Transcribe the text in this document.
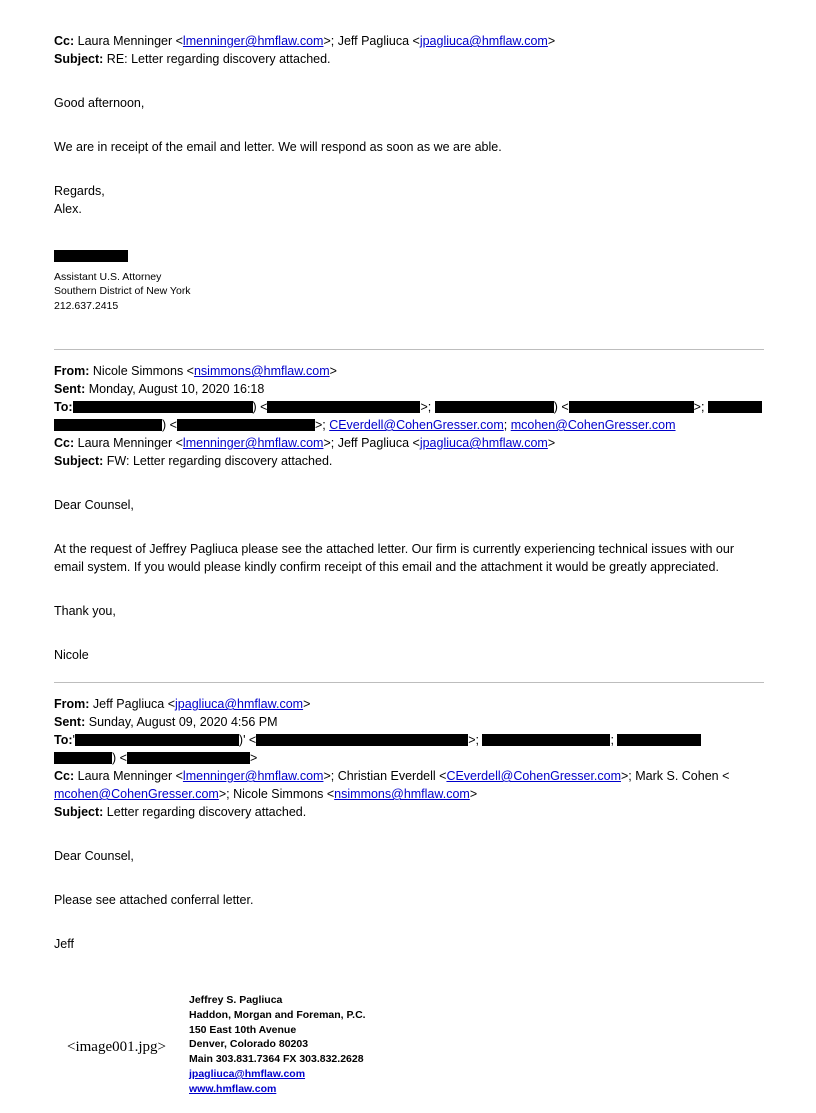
Cc: Laura Menninger <lmenninger@hmflaw.com>; Jeff Pagliuca <jpagliuca@hmflaw.com>
Subject: RE: Letter regarding discovery attached.
Good afternoon,
We are in receipt of the email and letter. We will respond as soon as we are able.
Regards,
Alex.
Assistant U.S. Attorney
Southern District of New York
212.637.2415
From: Nicole Simmons <nsimmons@hmflaw.com>
Sent: Monday, August 10, 2020 16:18
To:	) <	>;	) <	>;
) <	>; CEverdell@CohenGresser.com; mcohen@CohenGresser.com
Cc: Laura Menninger <lmenninger@hmflaw.com>; Jeff Pagliuca <jpagliuca@hmflaw.com>
Subject: FW: Letter regarding discovery attached.
Dear Counsel,
At the request of Jeffrey Pagliuca please see the attached letter. Our firm is currently experiencing technical issues with our email system. If you would please kindly confirm receipt of this email and the attachment it would be greatly appreciated.
Thank you,
Nicole
From: Jeff Pagliuca <jpagliuca@hmflaw.com>
Sent: Sunday, August 09, 2020 4:56 PM
To:'	)' <	>;	;
) <	>
Cc: Laura Menninger <lmenninger@hmflaw.com>; Christian Everdell <CEverdell@CohenGresser.com>; Mark S. Cohen <
mcohen@CohenGresser.com>; Nicole Simmons <nsimmons@hmflaw.com>
Subject: Letter regarding discovery attached.
Dear Counsel,
Please see attached conferral letter.
Jeff
<image001.jpg>
Jeffrey S. Pagliuca
Haddon, Morgan and Foreman, P.C.
150 East 10th Avenue
Denver, Colorado 80203
Main 303.831.7364 FX 303.832.2628
jpagliuca@hmflaw.com
www.hmflaw.com
